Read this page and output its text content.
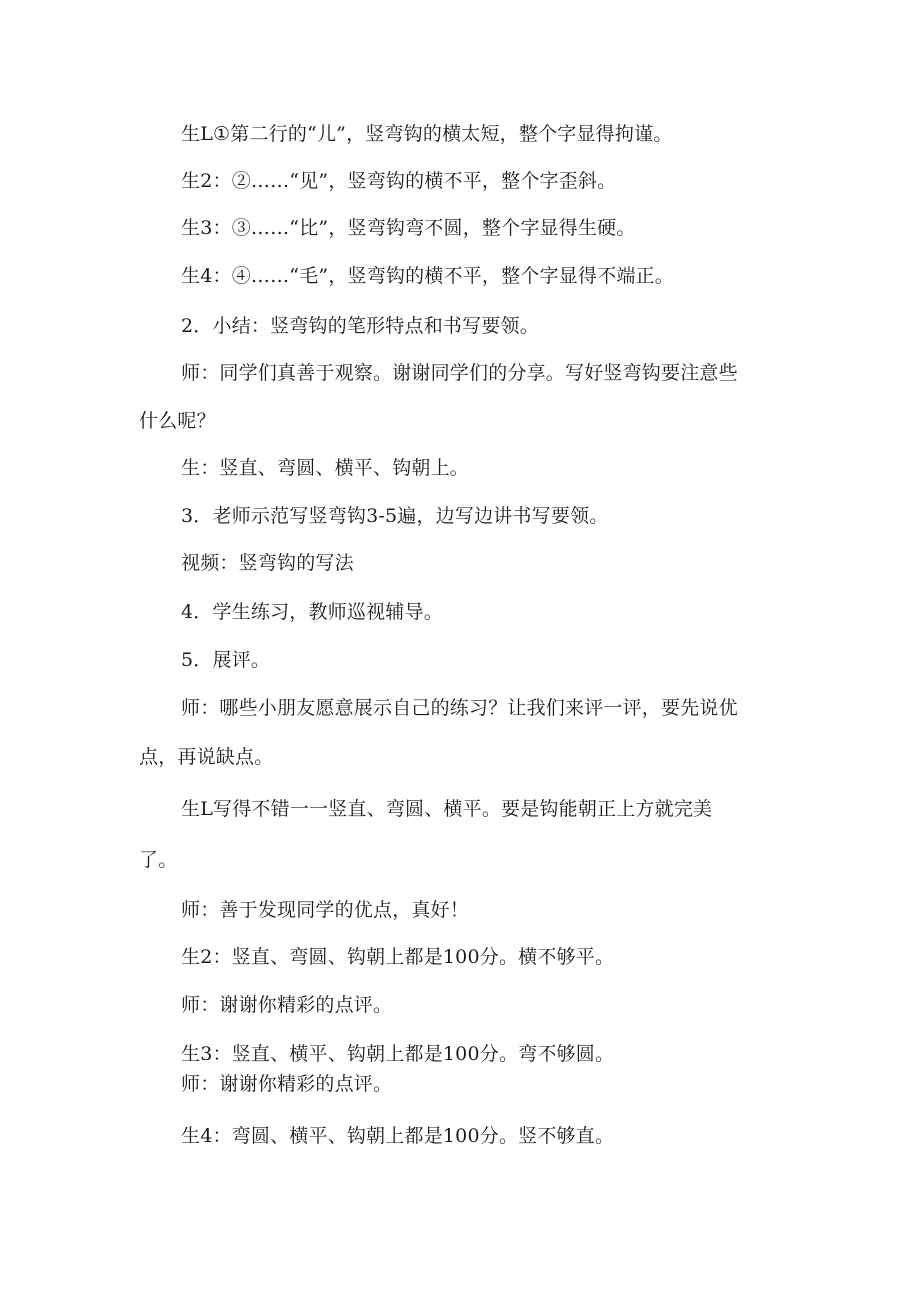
生L①第二行的“儿”，竖弯钩的横太短，整个字显得拘谨。
生2：②……“见”，竖弯钩的横不平，整个字歪斜。
生3：③……“比”，竖弯钩弯不圆，整个字显得生硬。
生4：④……“毛”，竖弯钩的横不平，整个字显得不端正。
2．小结：竖弯钩的笔形特点和书写要领。
师：同学们真善于观察。谢谢同学们的分享。写好竖弯钩要注意些
什么呢？
生：竖直、弯圆、横平、钩朝上。
3．老师示范写竖弯钩3-5遍，边写边讲书写要领。
视频：竖弯钩的写法
4．学生练习，教师巡视辅导。
5．展评。
师：哪些小朋友愿意展示自己的练习？让我们来评一评，要先说优
点，再说缺点。
生L写得不错一一竖直、弯圆、横平。要是钩能朝正上方就完美
了。
师：善于发现同学的优点，真好！
生2：竖直、弯圆、钩朝上都是100分。横不够平。
师：谢谢你精彩的点评。
生3：竖直、横平、钩朝上都是100分。弯不够圆。
师：谢谢你精彩的点评。
生4：弯圆、横平、钩朝上都是100分。竖不够直。
